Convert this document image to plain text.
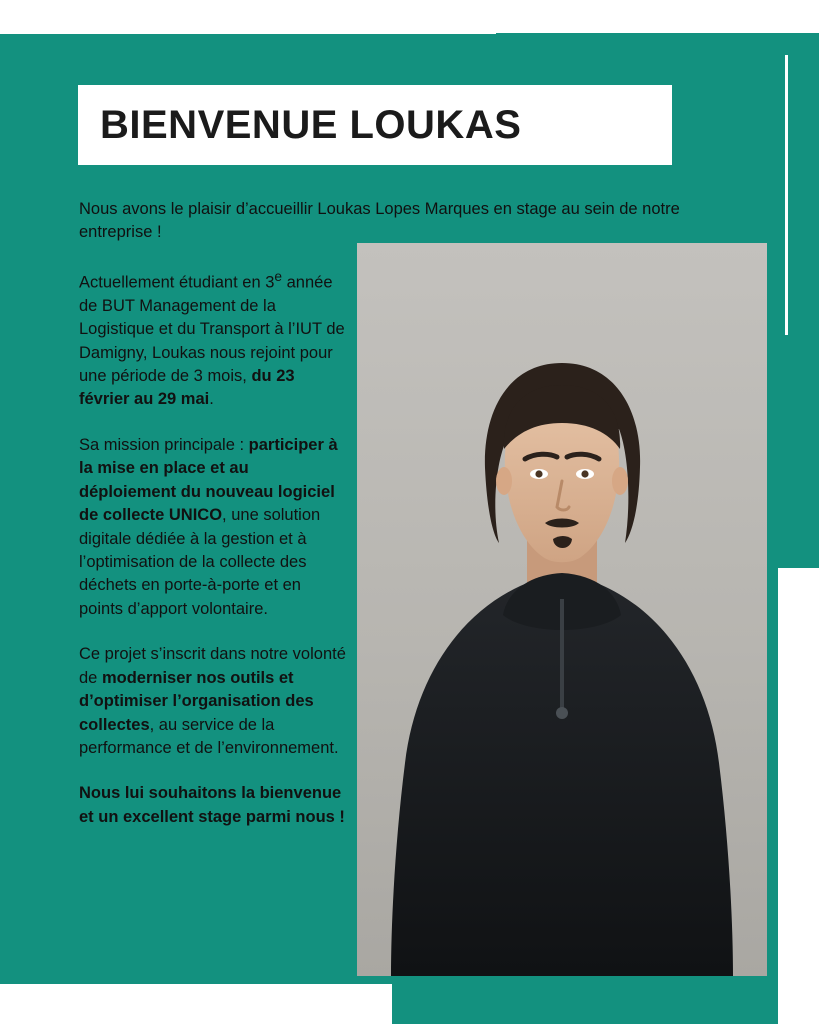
BIENVENUE LOUKAS
Nous avons le plaisir d’accueillir Loukas Lopes Marques en stage au sein de notre entreprise !
Actuellement étudiant en 3e année de BUT Management de la Logistique et du Transport à l’IUT de Damigny, Loukas nous rejoint pour une période de 3 mois, du 23 février au 29 mai.
Sa mission principale : participer à la mise en place et au déploiement du nouveau logiciel de collecte UNICO, une solution digitale dédiée à la gestion et à l’optimisation de la collecte des déchets en porte-à-porte et en points d’apport volontaire.
Ce projet s’inscrit dans notre volonté de moderniser nos outils et d’optimiser l’organisation des collectes, au service de la performance et de l’environnement.
Nous lui souhaitons la bienvenue et un excellent stage parmi nous !
